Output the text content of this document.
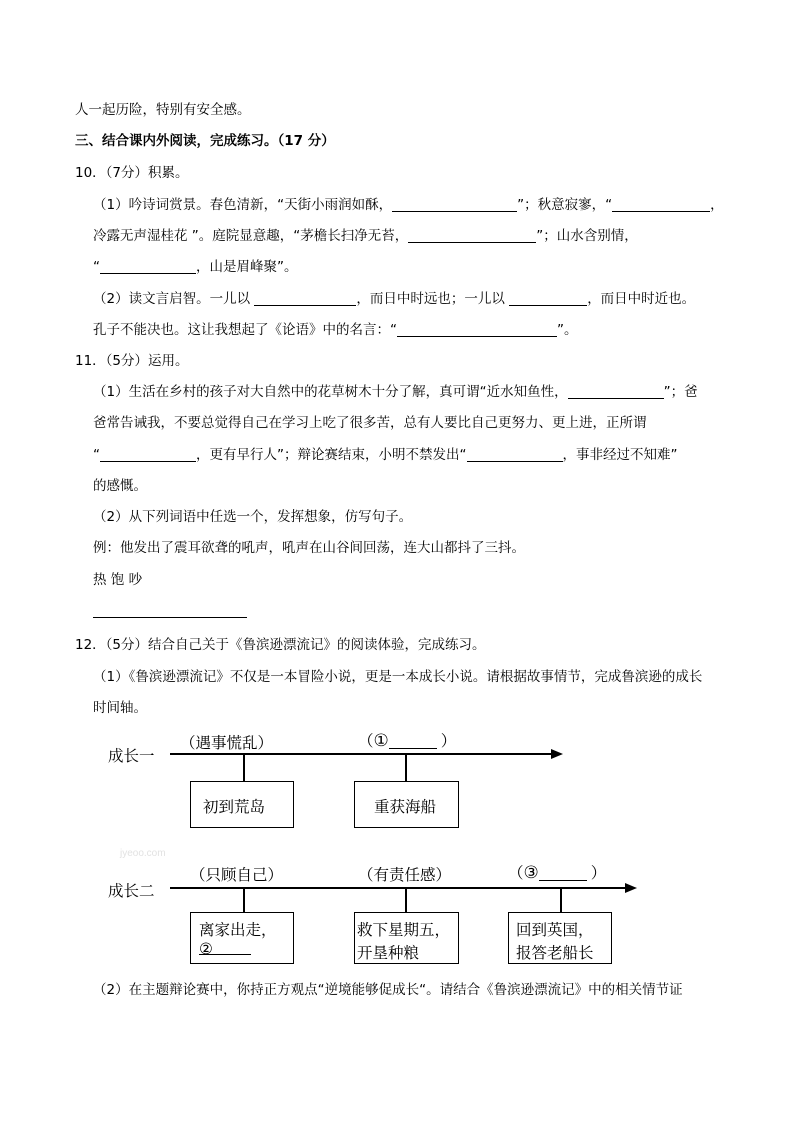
人一起历险，特别有安全感。
三、结合课内外阅读，完成练习。（17 分）
10．（7分）积累。
（1）吟诗词赏景。春色清新，“天街小雨润如酥，	”；秋意寂寥，“	，
冷露无声湿桂花 ”。庭院显意趣，“茅檐长扫净无苔，	”；山水含别情，
“	，山是眉峰聚”。
（2）读文言启智。一儿以	，而日中时远也；一儿以	，而日中时近也。
孔子不能决也。这让我想起了《论语》中的名言：“	”。
11．（5分）运用。
（1）生活在乡村的孩子对大自然中的花草树木十分了解，真可谓“近水知鱼性，	”；爸
爸常告诫我，不要总觉得自己在学习上吃了很多苦，总有人要比自己更努力、更上进，正所谓
“	，更有早行人”；辩论赛结束，小明不禁发出“	，事非经过不知难”
的感慨。
（2）从下列词语中任选一个，发挥想象，仿写句子。
例：他发出了震耳欲聋的吼声，吼声在山谷间回荡，连大山都抖了三抖。
热 饱 吵
12．（5分）结合自己关于《鲁滨逊漂流记》的阅读体验，完成练习。
（1）《鲁滨逊漂流记》不仅是一本冒险小说，更是一本成长小说。请根据故事情节，完成鲁滨逊的成长
时间轴。
成长一
（遇事慌乱）	（①	）
初到荒岛	重获海船
jyeoo.com
成长二
（只顾自己）	（有责任感）	（③	）
离家出走，
②
救下星期五，
开垦种粮
回到英国，
报答老船长
（2）在主题辩论赛中，你持正方观点“逆境能够促成长“。请结合《鲁滨逊漂流记》中的相关情节证
